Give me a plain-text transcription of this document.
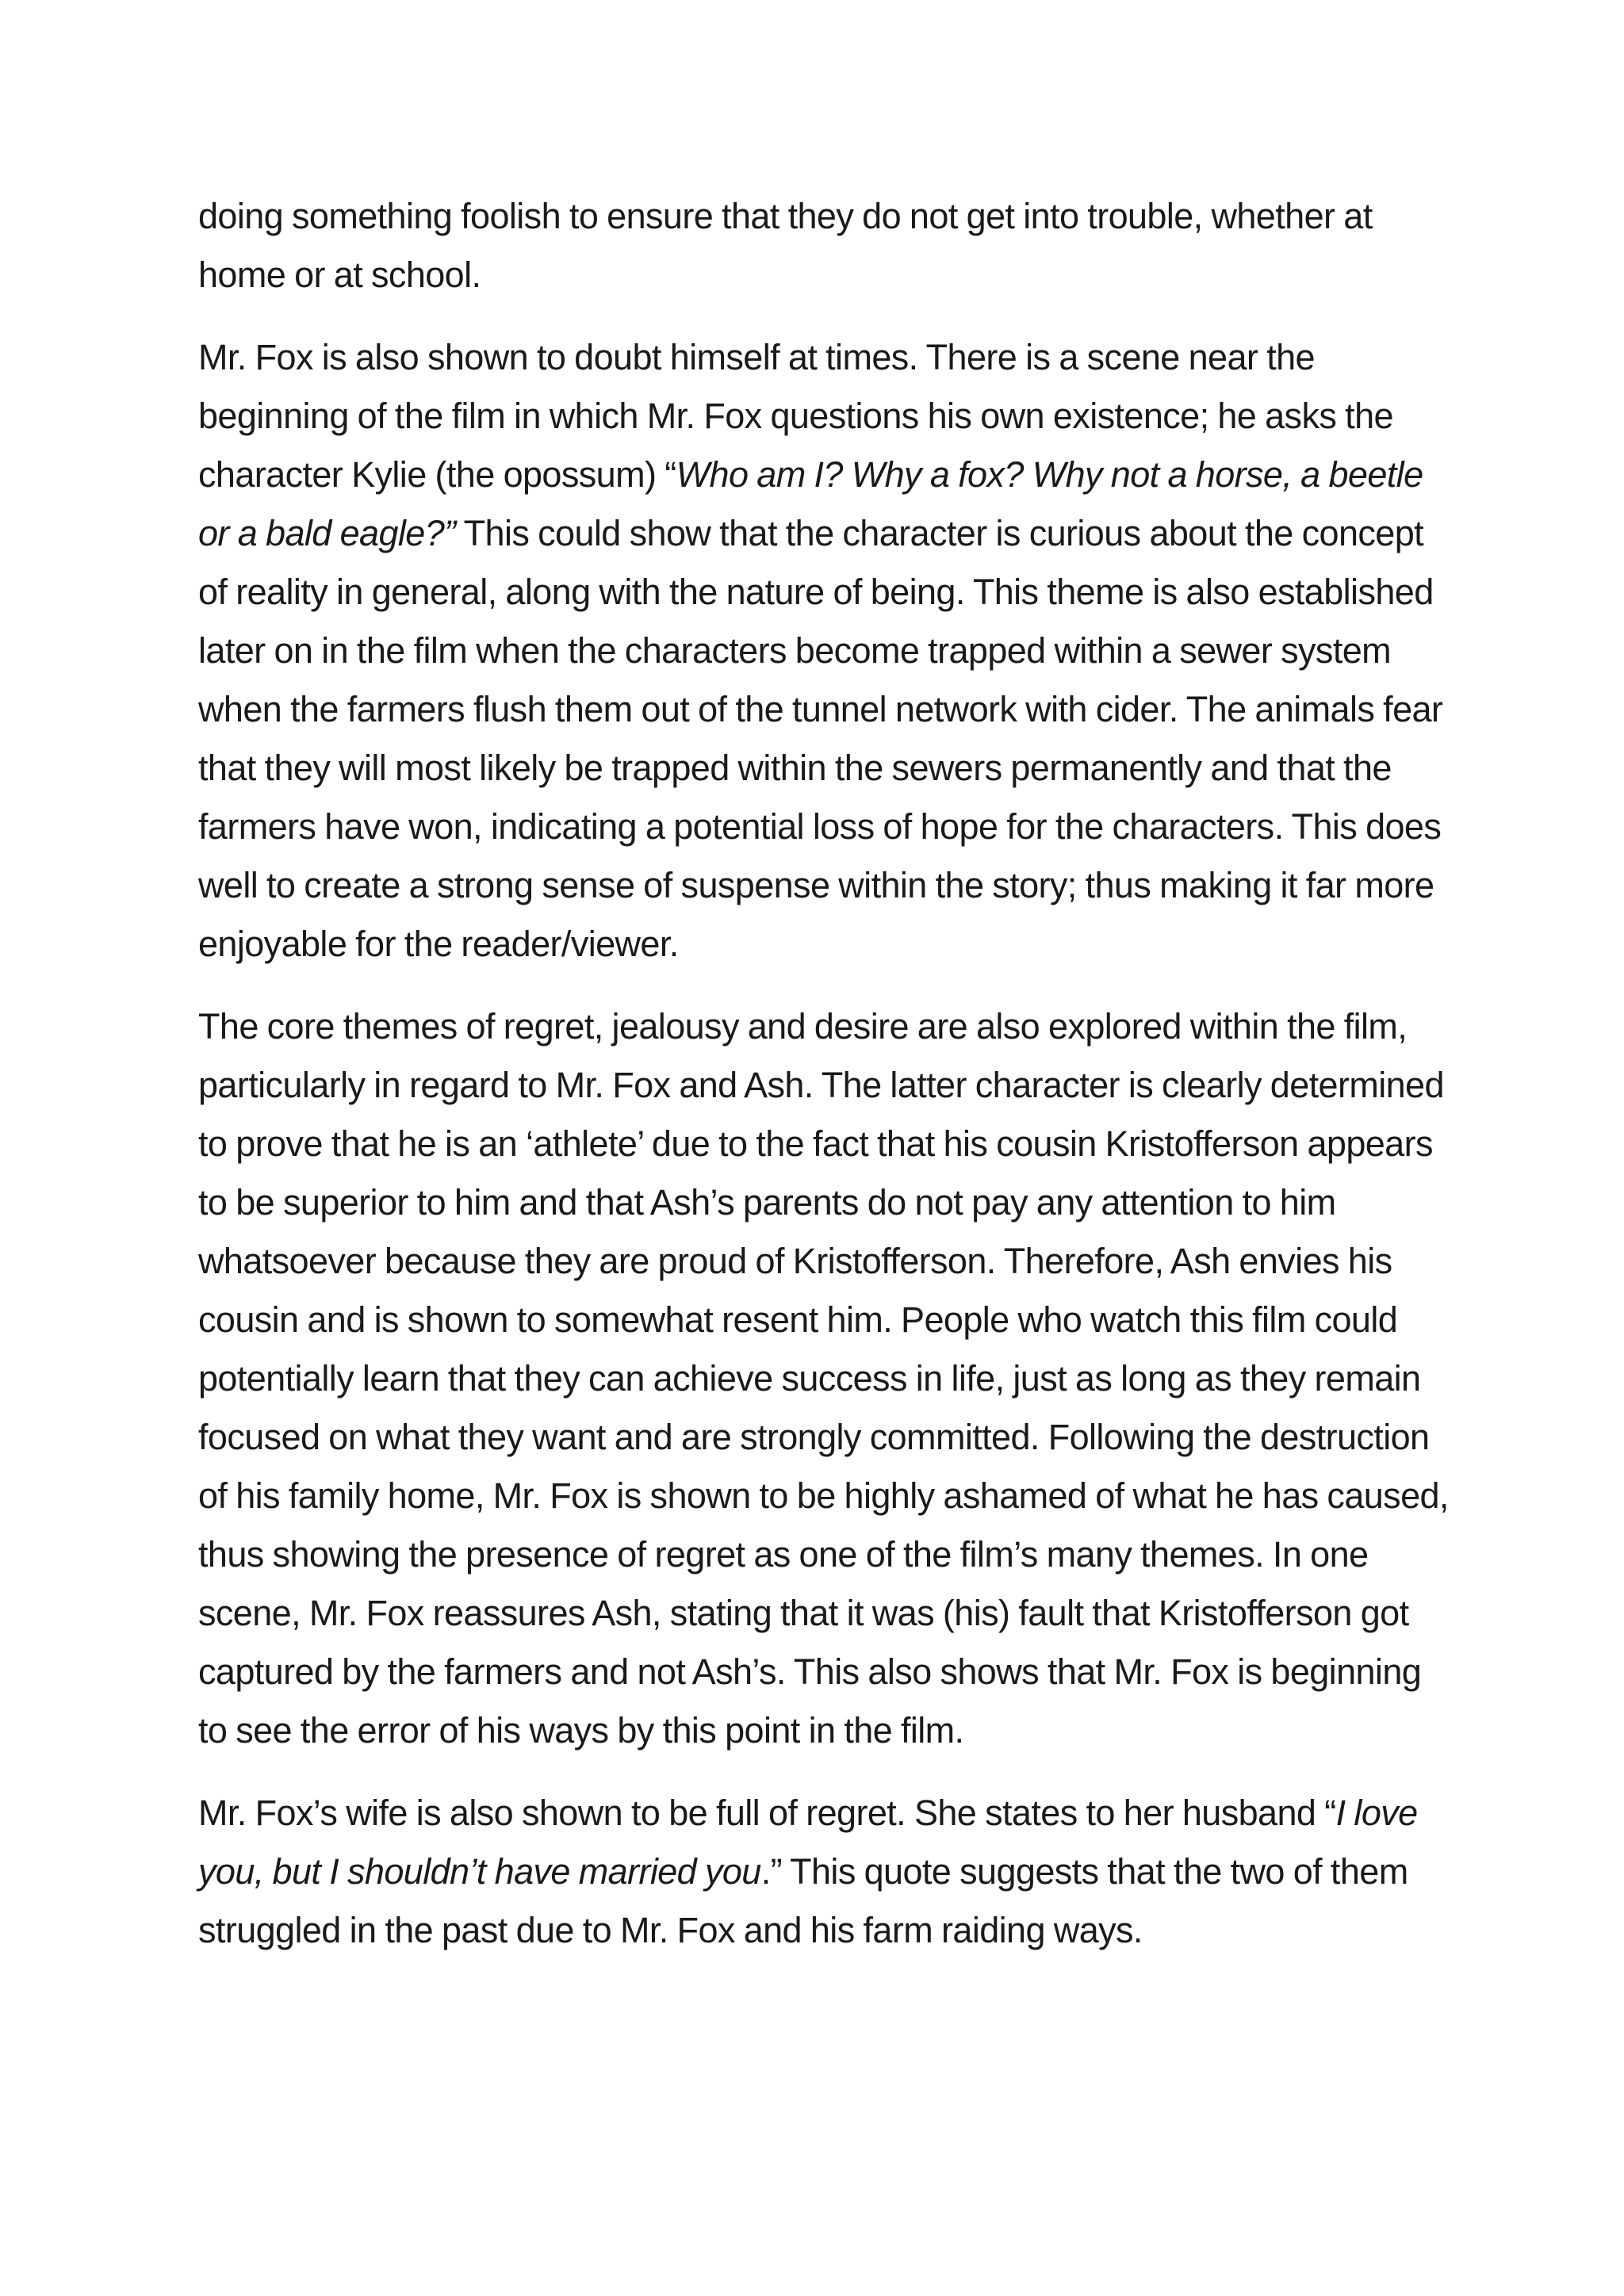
doing something foolish to ensure that they do not get into trouble, whether at home or at school.

Mr. Fox is also shown to doubt himself at times. There is a scene near the beginning of the film in which Mr. Fox questions his own existence; he asks the character Kylie (the opossum) “Who am I? Why a fox? Why not a horse, a beetle or a bald eagle?” This could show that the character is curious about the concept of reality in general, along with the nature of being. This theme is also established later on in the film when the characters become trapped within a sewer system when the farmers flush them out of the tunnel network with cider. The animals fear that they will most likely be trapped within the sewers permanently and that the farmers have won, indicating a potential loss of hope for the characters. This does well to create a strong sense of suspense within the story; thus making it far more enjoyable for the reader/viewer.

The core themes of regret, jealousy and desire are also explored within the film, particularly in regard to Mr. Fox and Ash. The latter character is clearly determined to prove that he is an ‘athlete’ due to the fact that his cousin Kristofferson appears to be superior to him and that Ash’s parents do not pay any attention to him whatsoever because they are proud of Kristofferson. Therefore, Ash envies his cousin and is shown to somewhat resent him. People who watch this film could potentially learn that they can achieve success in life, just as long as they remain focused on what they want and are strongly committed. Following the destruction of his family home, Mr. Fox is shown to be highly ashamed of what he has caused, thus showing the presence of regret as one of the film’s many themes. In one scene, Mr. Fox reassures Ash, stating that it was (his) fault that Kristofferson got captured by the farmers and not Ash’s. This also shows that Mr. Fox is beginning to see the error of his ways by this point in the film.

Mr. Fox’s wife is also shown to be full of regret. She states to her husband “I love you, but I shouldn’t have married you.” This quote suggests that the two of them struggled in the past due to Mr. Fox and his farm raiding ways.
